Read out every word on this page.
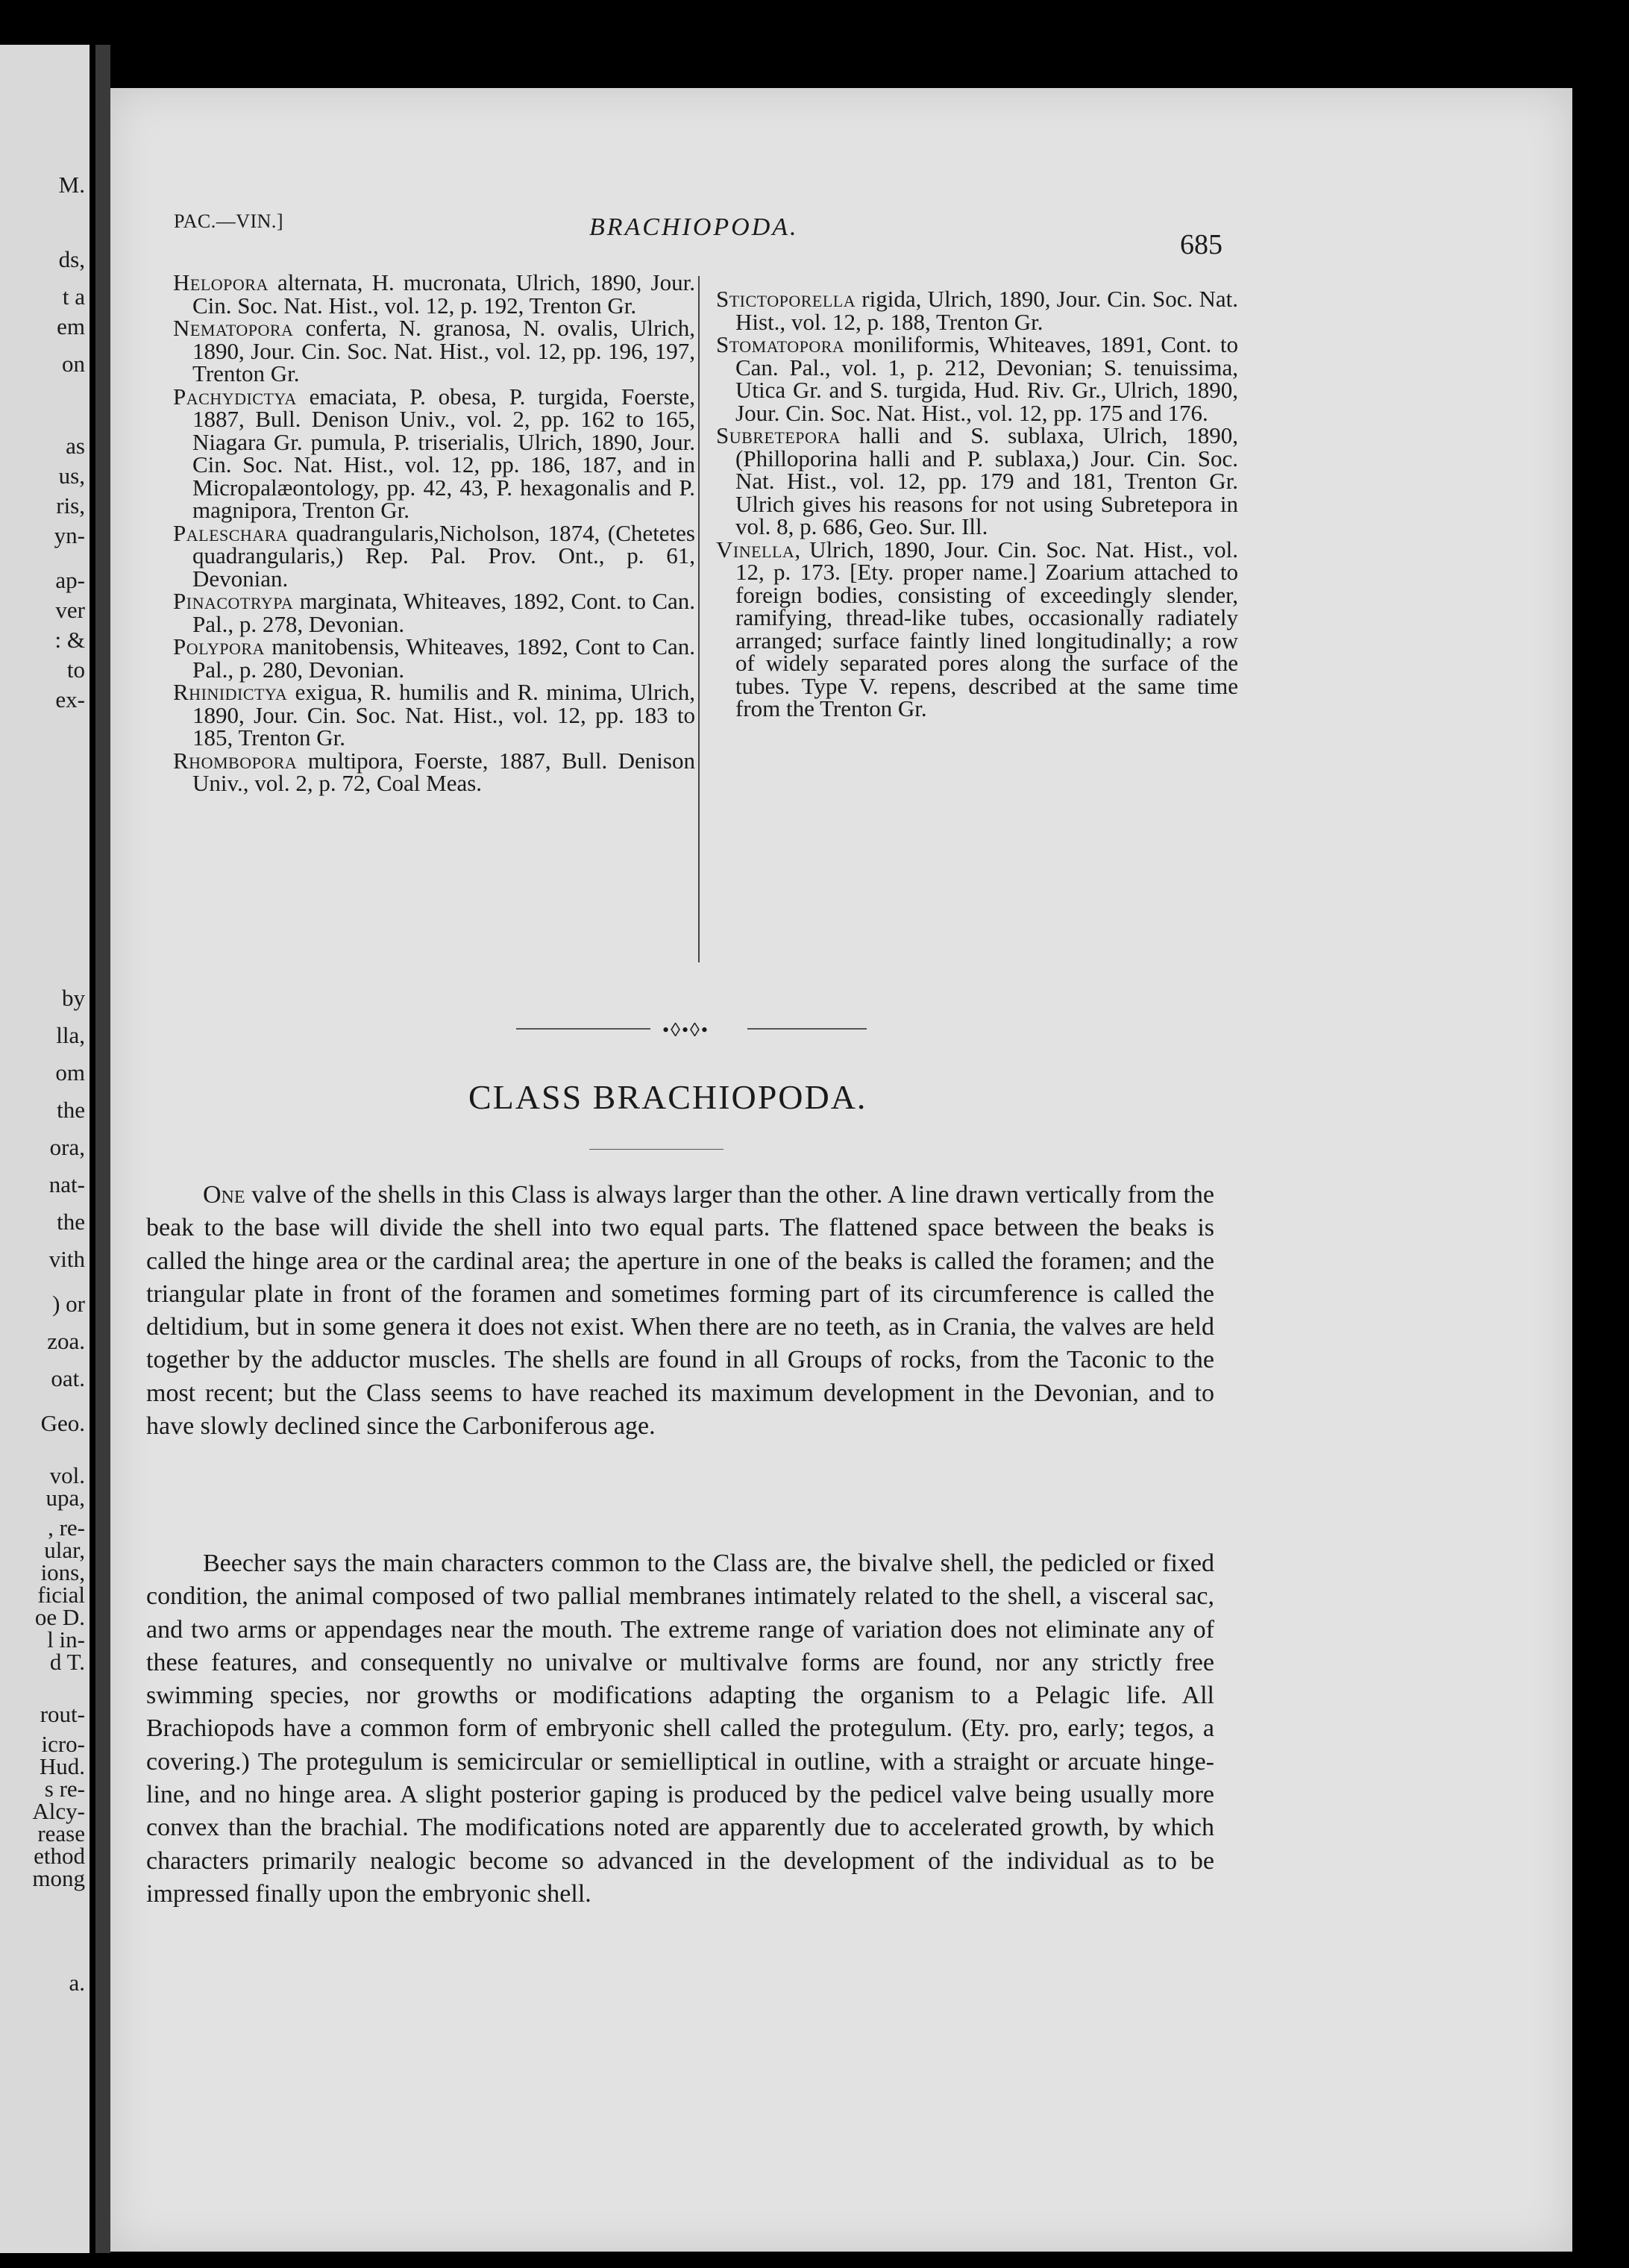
M.
ds,
t a
em
on
as
us,
ris,
yn-
ap-
ver
: &
to
ex-
by
lla,
om
the
ora,
nat-
the
vith
) or
zoa.
oat.
Geo.
vol.
upa,
, re-
ular,
ions,
ficial
oe D.
l in-
d T.
rout-
icro-
Hud.
s re-
Alcy-
rease
ethod
mong
a.
PAC.—VIN.]	BRACHIOPODA.
685

Helopora alternata, H. mucronata, Ulrich, 1890, Jour. Cin. Soc. Nat. Hist., vol. 12, p. 192, Trenton Gr.

Nematopora conferta, N. granosa, N. ovalis, Ulrich, 1890, Jour. Cin. Soc. Nat. Hist., vol. 12, pp. 196, 197, Trenton Gr.

Pachydictya emaciata, P. obesa, P. turgida, Foerste, 1887, Bull. Denison Univ., vol. 2, pp. 162 to 165, Niagara Gr. pumula, P. triserialis, Ulrich, 1890, Jour. Cin. Soc. Nat. Hist., vol. 12, pp. 186, 187, and in Micropalæontology, pp. 42, 43, P. hexagonalis and P. magnipora, Trenton Gr.

Paleschara quadrangularis,Nicholson, 1874, (Chetetes quadrangularis,) Rep. Pal. Prov. Ont., p. 61, Devonian.

Pinacotrypa marginata, Whiteaves, 1892, Cont. to Can. Pal., p. 278, Devonian.

Polypora manitobensis, Whiteaves, 1892, Cont to Can. Pal., p. 280, Devonian.

Rhinidictya exigua, R. humilis and R. minima, Ulrich, 1890, Jour. Cin. Soc. Nat. Hist., vol. 12, pp. 183 to 185, Trenton Gr.

Rhombopora multipora, Foerste, 1887, Bull. Denison Univ., vol. 2, p. 72, Coal Meas.

Stictoporella rigida, Ulrich, 1890, Jour. Cin. Soc. Nat. Hist., vol. 12, p. 188, Trenton Gr.

Stomatopora moniliformis, Whiteaves, 1891, Cont. to Can. Pal., vol. 1, p. 212, Devonian; S. tenuissima, Utica Gr. and S. turgida, Hud. Riv. Gr., Ulrich, 1890, Jour. Cin. Soc. Nat. Hist., vol. 12, pp. 175 and 176.

Subretepora halli and S. sublaxa, Ulrich, 1890, (Philloporina halli and P. sublaxa,) Jour. Cin. Soc. Nat. Hist., vol. 12, pp. 179 and 181, Trenton Gr. Ulrich gives his reasons for not using Subretepora in vol. 8, p. 686, Geo. Sur. Ill.

Vinella, Ulrich, 1890, Jour. Cin. Soc. Nat. Hist., vol. 12, p. 173. [Ety. proper name.] Zoarium attached to foreign bodies, consisting of exceedingly slender, ramifying, thread-like tubes, occasionally radiately arranged; surface faintly lined longitudinally; a row of widely separated pores along the surface of the tubes. Type V. repens, described at the same time from the Trenton Gr.

•◊•◊•
CLASS BRACHIOPODA.

One valve of the shells in this Class is always larger than the other. A line drawn vertically from the beak to the base will divide the shell into two equal parts. The flattened space between the beaks is called the hinge area or the cardinal area; the aperture in one of the beaks is called the foramen; and the triangular plate in front of the foramen and sometimes forming part of its circumference is called the deltidium, but in some genera it does not exist. When there are no teeth, as in Crania, the valves are held together by the adductor muscles. The shells are found in all Groups of rocks, from the Taconic to the most recent; but the Class seems to have reached its maximum development in the Devonian, and to have slowly declined since the Carboniferous age.

Beecher says the main characters common to the Class are, the bivalve shell, the pedicled or fixed condition, the animal composed of two pallial membranes intimately related to the shell, a visceral sac, and two arms or appendages near the mouth. The extreme range of variation does not eliminate any of these features, and consequently no univalve or multivalve forms are found, nor any strictly free swimming species, nor growths or modifications adapting the organism to a Pelagic life. All Brachiopods have a common form of embryonic shell called the protegulum. (Ety. pro, early; tegos, a covering.) The protegulum is semicircular or semielliptical in outline, with a straight or arcuate hinge-line, and no hinge area. A slight posterior gaping is produced by the pedicel valve being usually more convex than the brachial. The modifications noted are apparently due to accelerated growth, by which characters primarily nealogic become so advanced in the development of the individual as to be impressed finally upon the embryonic shell.
